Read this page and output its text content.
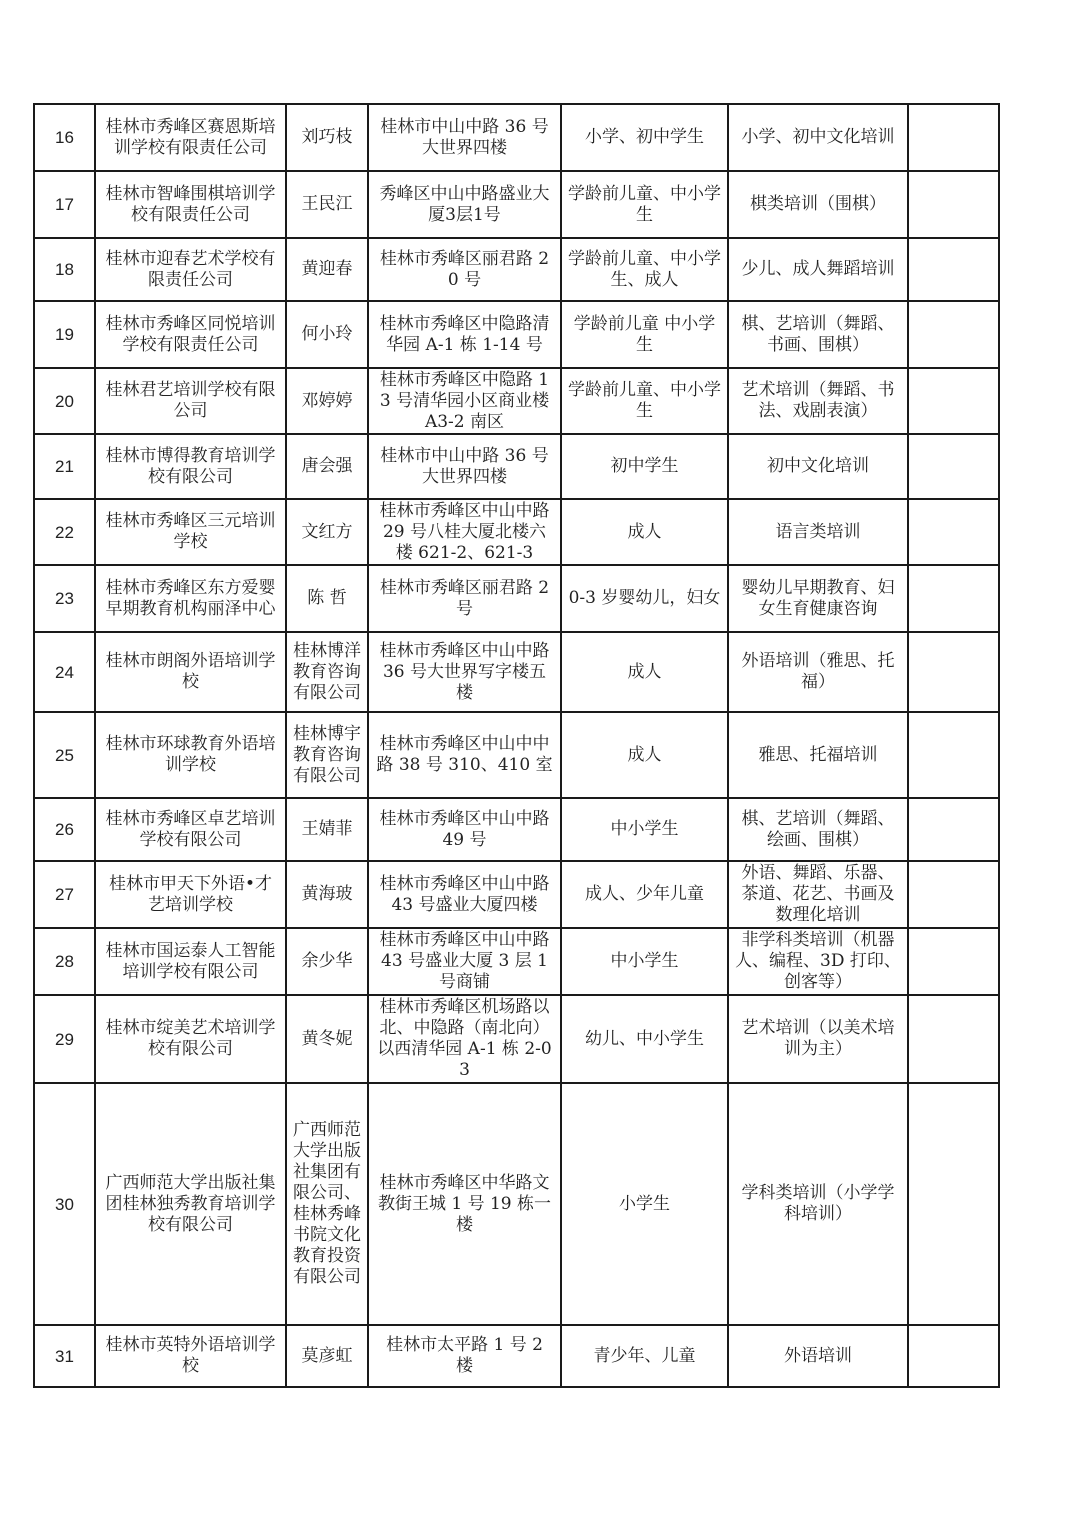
16	桂林市秀峰区赛恩斯培训学校有限责任公司	刘巧枝	桂林市中山中路 36 号大世界四楼	小学、初中学生	小学、初中文化培训	
17	桂林市智峰围棋培训学校有限责任公司	王民江	秀峰区中山中路盛业大厦3层1号	学龄前儿童、中小学生	棋类培训（围棋）	
18	桂林市迎春艺术学校有限责任公司	黄迎春	桂林市秀峰区丽君路 20 号	学龄前儿童、中小学生、成人	少儿、成人舞蹈培训	
19	桂林市秀峰区同悦培训学校有限责任公司	何小玲	桂林市秀峰区中隐路清华园 A-1 栋 1-14 号	学龄前儿童 中小学生	棋、艺培训（舞蹈、书画、围棋）	
20	桂林君艺培训学校有限公司	邓婷婷	桂林市秀峰区中隐路 13 号清华园小区商业楼 A3-2 南区	学龄前儿童、中小学生	艺术培训（舞蹈、书法、戏剧表演）	
21	桂林市博得教育培训学校有限公司	唐会强	桂林市中山中路 36 号大世界四楼	初中学生	初中文化培训	
22	桂林市秀峰区三元培训学校	文红方	桂林市秀峰区中山中路 29 号八桂大厦北楼六楼 621-2、621-3	成人	语言类培训	
23	桂林市秀峰区东方爱婴早期教育机构丽泽中心	陈 哲	桂林市秀峰区丽君路 2 号	0-3 岁婴幼儿，妇女	婴幼儿早期教育、妇女生育健康咨询	
24	桂林市朗阁外语培训学校	桂林博洋教育咨询有限公司	桂林市秀峰区中山中路 36 号大世界写字楼五楼	成人	外语培训（雅思、托福）	
25	桂林市环球教育外语培训学校	桂林博宇教育咨询有限公司	桂林市秀峰区中山中中路 38 号 310、410 室	成人	雅思、托福培训	
26	桂林市秀峰区卓艺培训学校有限公司	王婧菲	桂林市秀峰区中山中路 49 号	中小学生	棋、艺培训（舞蹈、绘画、围棋）	
27	桂林市甲天下外语•才艺培训学校	黄海玻	桂林市秀峰区中山中路 43 号盛业大厦四楼	成人、少年儿童	外语、舞蹈、乐器、茶道、花艺、书画及数理化培训	
28	桂林市国运泰人工智能培训学校有限公司	余少华	桂林市秀峰区中山中路 43 号盛业大厦 3 层 1 号商铺	中小学生	非学科类培训（机器人、编程、3D 打印、创客等）	
29	桂林市绽美艺术培训学校有限公司	黄冬妮	桂林市秀峰区机场路以北、中隐路（南北向）以西清华园 A-1 栋 2-03	幼儿、中小学生	艺术培训（以美术培训为主）	
30	广西师范大学出版社集团桂林独秀教育培训学校有限公司	广西师范大学出版社集团有限公司、桂林秀峰书院文化教育投资有限公司	桂林市秀峰区中华路文教街王城 1 号 19 栋一楼	小学生	学科类培训（小学学科培训）	
31	桂林市英特外语培训学校	莫彦虹	桂林市太平路 1 号 2 楼	青少年、儿童	外语培训	
